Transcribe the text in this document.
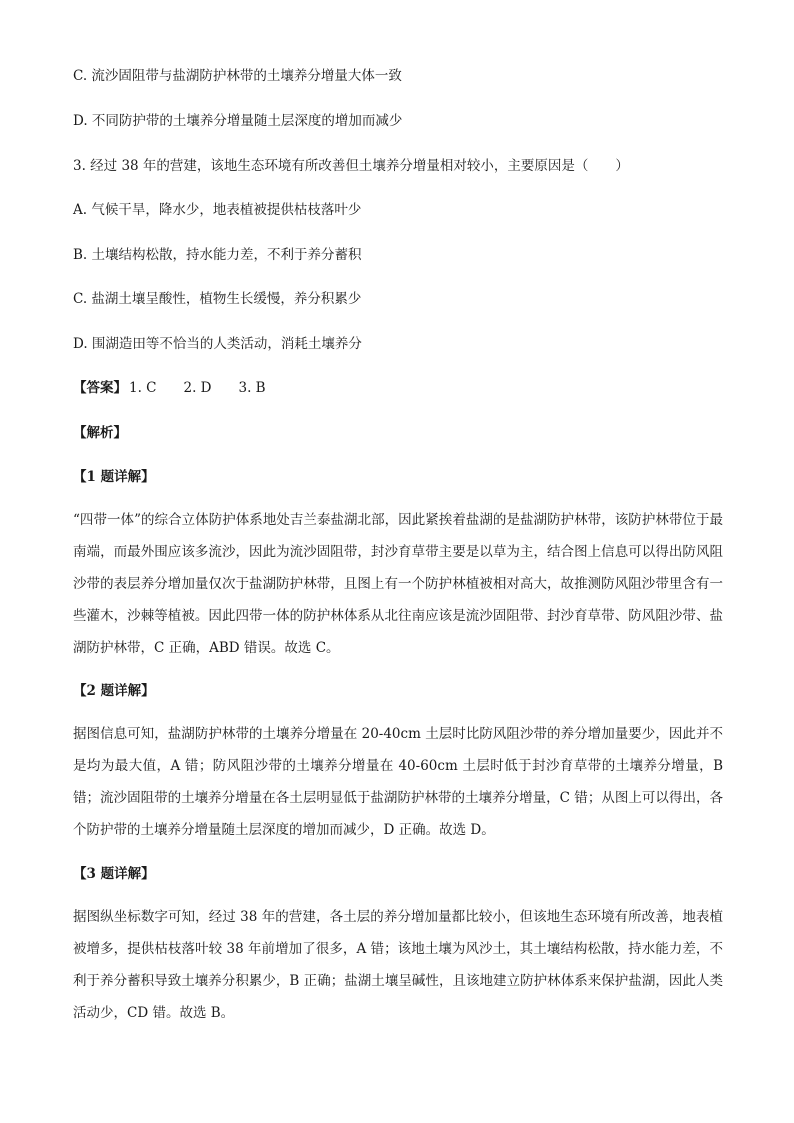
C. 流沙固阻带与盐湖防护林带的土壤养分增量大体一致
D. 不同防护带的土壤养分增量随土层深度的增加而减少
3. 经过 38 年的营建，该地生态环境有所改善但土壤养分增量相对较小，主要原因是（　　）
A. 气候干旱，降水少，地表植被提供枯枝落叶少
B. 土壤结构松散，持水能力差，不利于养分蓄积
C. 盐湖土壤呈酸性，植物生长缓慢，养分积累少
D. 围湖造田等不恰当的人类活动，消耗土壤养分
【答案】 1. C　　2. D　　3. B
【解析】
【1 题详解】
“四带一体”的综合立体防护体系地处吉兰泰盐湖北部，因此紧挨着盐湖的是盐湖防护林带，该防护林带位于最南端，而最外围应该多流沙，因此为流沙固阻带，封沙育草带主要是以草为主，结合图上信息可以得出防风阻沙带的表层养分增加量仅次于盐湖防护林带，且图上有一个防护林植被相对高大，故推测防风阻沙带里含有一些灌木，沙棘等植被。因此四带一体的防护林体系从北往南应该是流沙固阻带、封沙育草带、防风阻沙带、盐湖防护林带，C 正确，ABD 错误。故选 C。
【2 题详解】
据图信息可知，盐湖防护林带的土壤养分增量在 20-40cm 土层时比防风阻沙带的养分增加量要少，因此并不是均为最大值，A 错；防风阻沙带的土壤养分增量在 40-60cm 土层时低于封沙育草带的土壤养分增量，B 错；流沙固阻带的土壤养分增量在各土层明显低于盐湖防护林带的土壤养分增量，C 错；从图上可以得出，各个防护带的土壤养分增量随土层深度的增加而减少，D 正确。故选 D。
【3 题详解】
据图纵坐标数字可知，经过 38 年的营建，各土层的养分增加量都比较小，但该地生态环境有所改善，地表植被增多，提供枯枝落叶较 38 年前增加了很多，A 错；该地土壤为风沙土，其土壤结构松散，持水能力差，不利于养分蓄积导致土壤养分积累少，B 正确；盐湖土壤呈碱性，且该地建立防护林体系来保护盐湖，因此人类活动少，CD 错。故选 B。
